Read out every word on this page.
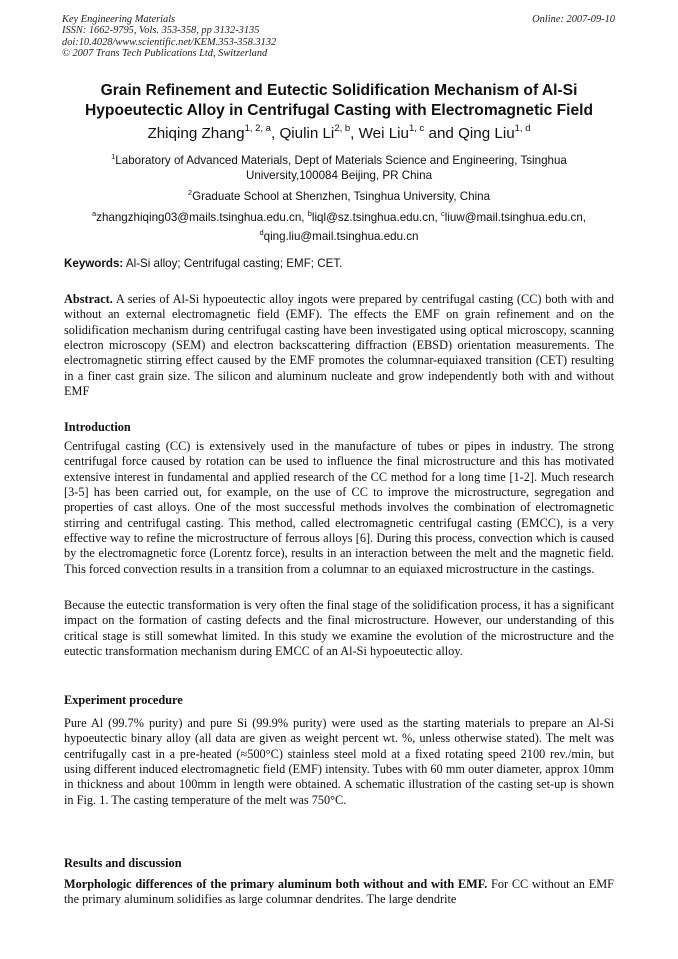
Key Engineering Materials
ISSN: 1662-9795, Vols. 353-358, pp 3132-3135
doi:10.4028/www.scientific.net/KEM.353-358.3132
© 2007 Trans Tech Publications Ltd, Switzerland
Online: 2007-09-10
Grain Refinement and Eutectic Solidification Mechanism of Al-Si
Hypoeutectic Alloy in Centrifugal Casting with Electromagnetic Field
Zhiqing Zhang$^{1, 2, a}$, Qiulin Li$^{2, b}$, Wei Liu$^{1, c}$ and Qing Liu$^{1, d}$
$^1$Laboratory of Advanced Materials, Dept of Materials Science and Engineering, Tsinghua
University,100084 Beijing, PR China
$^2$Graduate School at Shenzhen, Tsinghua University, China
$^a$zhangzhiqing03@mails.tsinghua.edu.cn, $^b$liql@sz.tsinghua.edu.cn, $^c$liuw@mail.tsinghua.edu.cn,
$^d$qing.liu@mail.tsinghua.edu.cn
Keywords: Al-Si alloy; Centrifugal casting; EMF; CET.
Abstract. A series of Al-Si hypoeutectic alloy ingots were prepared by centrifugal casting (CC) both with and without an external electromagnetic field (EMF). The effects the EMF on grain refinement and on the solidification mechanism during centrifugal casting have been investigated using optical microscopy, scanning electron microscopy (SEM) and electron backscattering diffraction (EBSD) orientation measurements. The electromagnetic stirring effect caused by the EMF promotes the columnar-equiaxed transition (CET) resulting in a finer cast grain size. The silicon and aluminum nucleate and grow independently both with and without EMF
Introduction
Centrifugal casting (CC) is extensively used in the manufacture of tubes or pipes in industry. The strong centrifugal force caused by rotation can be used to influence the final microstructure and this has motivated extensive interest in fundamental and applied research of the CC method for a long time [1-2]. Much research [3-5] has been carried out, for example, on the use of CC to improve the microstructure, segregation and properties of cast alloys. One of the most successful methods involves the combination of electromagnetic stirring and centrifugal casting. This method, called electromagnetic centrifugal casting (EMCC), is a very effective way to refine the microstructure of ferrous alloys [6]. During this process, convection which is caused by the electromagnetic force (Lorentz force), results in an interaction between the melt and the magnetic field. This forced convection results in a transition from a columnar to an equiaxed microstructure in the castings.
Because the eutectic transformation is very often the final stage of the solidification process, it has a significant impact on the formation of casting defects and the final microstructure. However, our understanding of this critical stage is still somewhat limited. In this study we examine the evolution of the microstructure and the eutectic transformation mechanism during EMCC of an Al-Si hypoeutectic alloy.
Experiment procedure
Pure Al (99.7% purity) and pure Si (99.9% purity) were used as the starting materials to prepare an Al-Si hypoeutectic binary alloy (all data are given as weight percent wt. %, unless otherwise stated). The melt was centrifugally cast in a pre-heated (≈500°C) stainless steel mold at a fixed rotating speed 2100 rev./min, but using different induced electromagnetic field (EMF) intensity. Tubes with 60 mm outer diameter, approx 10mm in thickness and about 100mm in length were obtained. A schematic illustration of the casting set-up is shown in Fig. 1. The casting temperature of the melt was 750°C.
Results and discussion
Morphologic differences of the primary aluminum both without and with EMF. For CC without an EMF the primary aluminum solidifies as large columnar dendrites. The large dendrite
